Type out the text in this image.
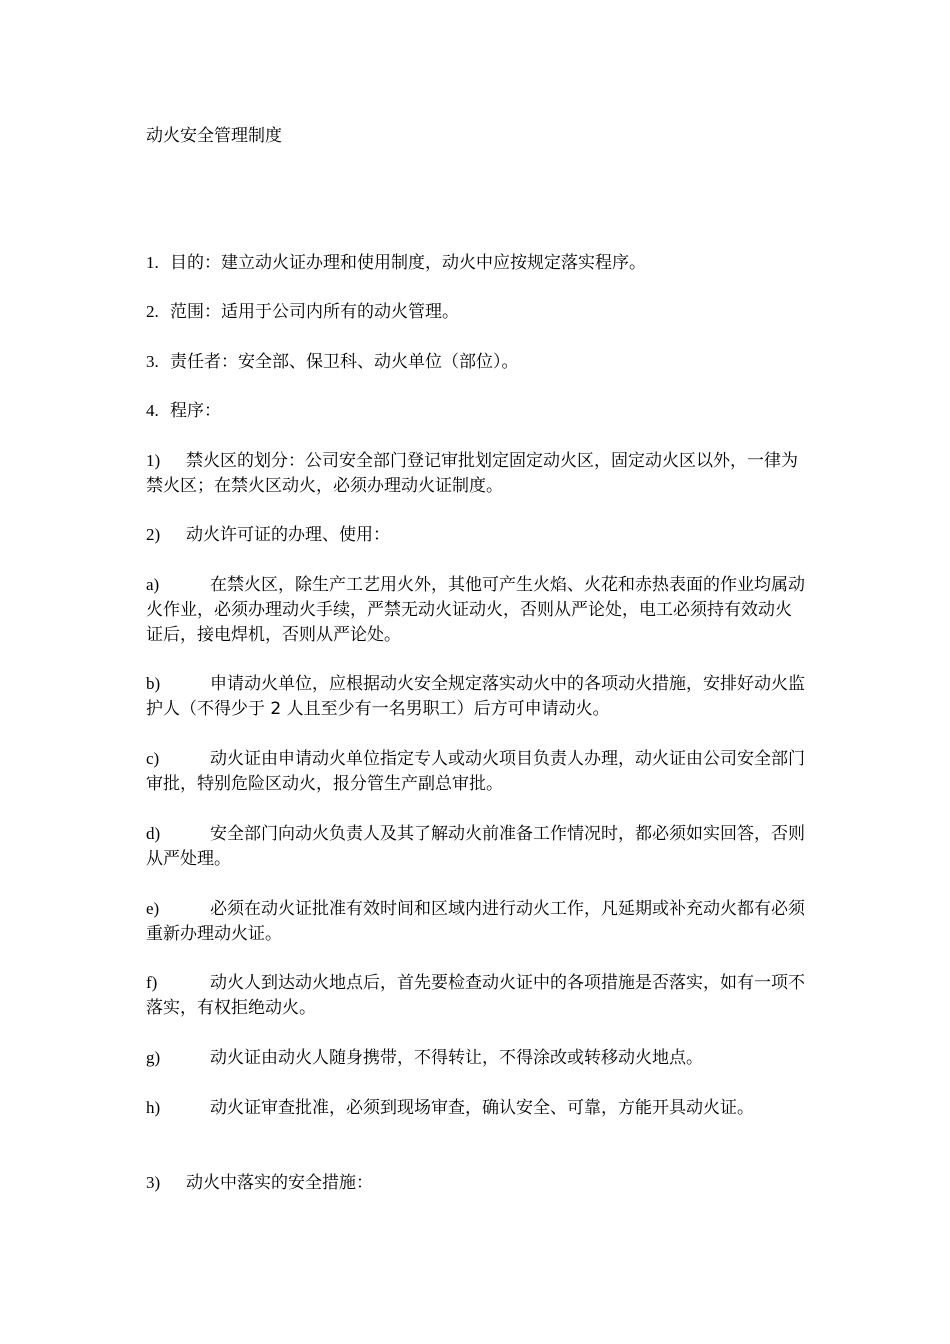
动火安全管理制度

1. 目的：建立动火证办理和使用制度，动火中应按规定落实程序。

2. 范围：适用于公司内所有的动火管理。

3. 责任者：安全部、保卫科、动火单位（部位）。

4. 程序：

1) 禁火区的划分：公司安全部门登记审批划定固定动火区，固定动火区以外，一律为禁火区；在禁火区动火，必须办理动火证制度。

2) 动火许可证的办理、使用：

a)	在禁火区，除生产工艺用火外，其他可产生火焰、火花和赤热表面的作业均属动火作业，必须办理动火手续，严禁无动火证动火，否则从严论处，电工必须持有效动火证后，接电焊机，否则从严论处。

b)	申请动火单位，应根据动火安全规定落实动火中的各项动火措施，安排好动火监护人（不得少于 2 人且至少有一名男职工）后方可申请动火。

c)	动火证由申请动火单位指定专人或动火项目负责人办理，动火证由公司安全部门审批，特别危险区动火，报分管生产副总审批。

d)	安全部门向动火负责人及其了解动火前准备工作情况时，都必须如实回答，否则从严处理。

e)	必须在动火证批准有效时间和区域内进行动火工作，凡延期或补充动火都有必须重新办理动火证。

f)	动火人到达动火地点后，首先要检查动火证中的各项措施是否落实，如有一项不落实，有权拒绝动火。

g)	动火证由动火人随身携带，不得转让，不得涂改或转移动火地点。

h)	动火证审查批准，必须到现场审查，确认安全、可靠，方能开具动火证。

3) 动火中落实的安全措施：
